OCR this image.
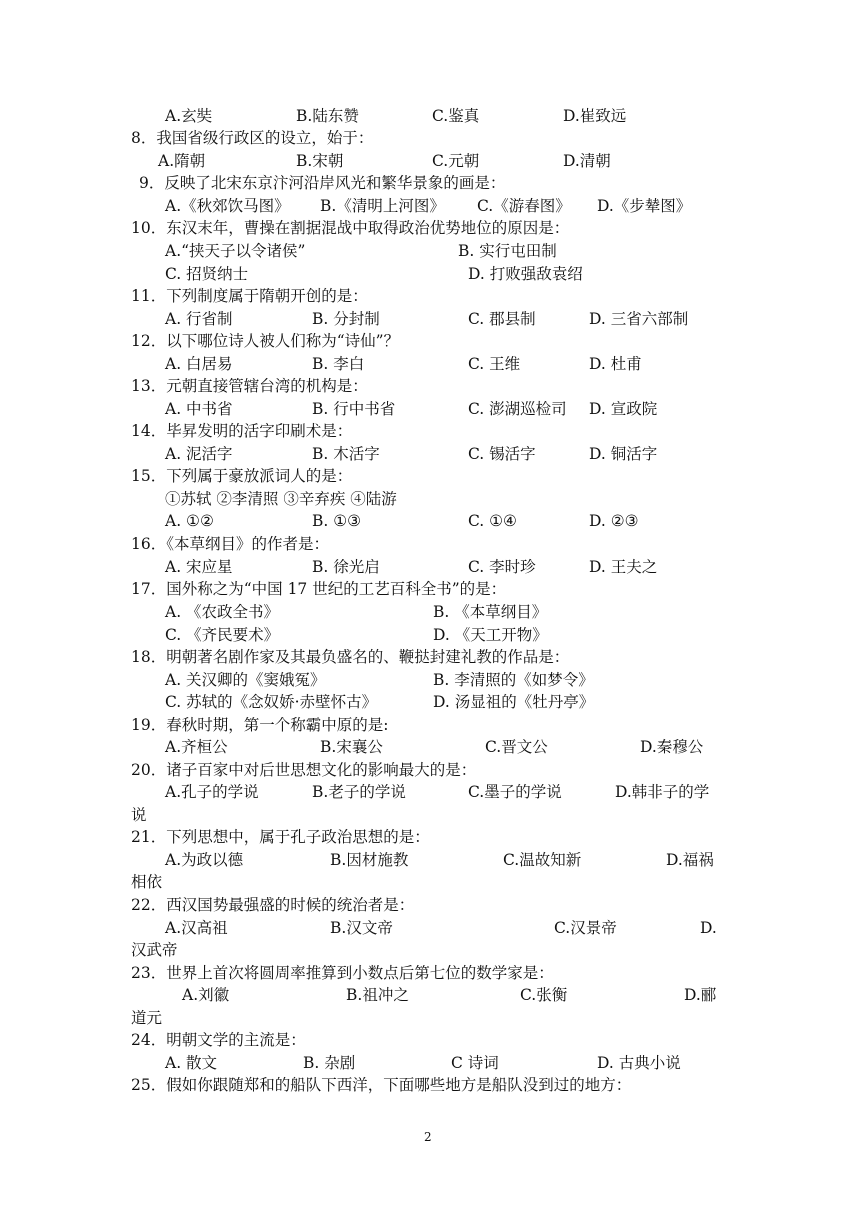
A.玄奘	B.陆东赞	C.鉴真	D.崔致远
8．我国省级行政区的设立，始于：
A.隋朝	B.宋朝	C.元朝	D.清朝
9．反映了北宋东京汴河沿岸风光和繁华景象的画是：
A.《秋郊饮马图》 B.《清明上河图》 C.《游春图》 D.《步辇图》
10．东汉末年，曹操在割据混战中取得政治优势地位的原因是：
A.“挟天子以令诸侯”	B. 实行屯田制
C. 招贤纳士	D. 打败强敌袁绍
11．下列制度属于隋朝开创的是：
A. 行省制	B. 分封制	C. 郡县制	D. 三省六部制
12．以下哪位诗人被人们称为“诗仙”？
A. 白居易	B. 李白	C. 王维	D. 杜甫
13．元朝直接管辖台湾的机构是：
A. 中书省	B. 行中书省	C. 澎湖巡检司 D. 宣政院
14．毕昇发明的活字印刷术是：
A. 泥活字	B. 木活字	C. 锡活字	D. 铜活字
15．下列属于豪放派词人的是：
①苏轼 ②李清照 ③辛弃疾 ④陆游
A. ①②	B. ①③	C. ①④	D. ②③
16．《本草纲目》的作者是：
A. 宋应星	B. 徐光启	C. 李时珍	D. 王夫之
17．国外称之为“中国 17 世纪的工艺百科全书”的是：
A. 《农政全书》	B. 《本草纲目》
C. 《齐民要术》	D. 《天工开物》
18．明朝著名剧作家及其最负盛名的、鞭挞封建礼教的作品是：
A. 关汉卿的《窦娥冤》	B. 李清照的《如梦令》
C. 苏轼的《念奴娇·赤壁怀古》	D. 汤显祖的《牡丹亭》
19．春秋时期，第一个称霸中原的是:
A.齐桓公	B.宋襄公	C.晋文公	D.秦穆公
20．诸子百家中对后世思想文化的影响最大的是：
A.孔子的学说	B.老子的学说	C.墨子的学说	D.韩非子的学
说
21．下列思想中，属于孔子政治思想的是：
A.为政以德	B.因材施教	C.温故知新	D.福祸
相依
22．西汉国势最强盛的时候的统治者是：
A.汉高祖	B.汉文帝	C.汉景帝	D.
汉武帝
23．世界上首次将圆周率推算到小数点后第七位的数学家是：
A.刘徽	B.祖冲之	C.张衡	D.郦
道元
24．明朝文学的主流是：
A. 散文	B. 杂剧	C 诗词	D. 古典小说
25．假如你跟随郑和的船队下西洋，下面哪些地方是船队没到过的地方：
2
